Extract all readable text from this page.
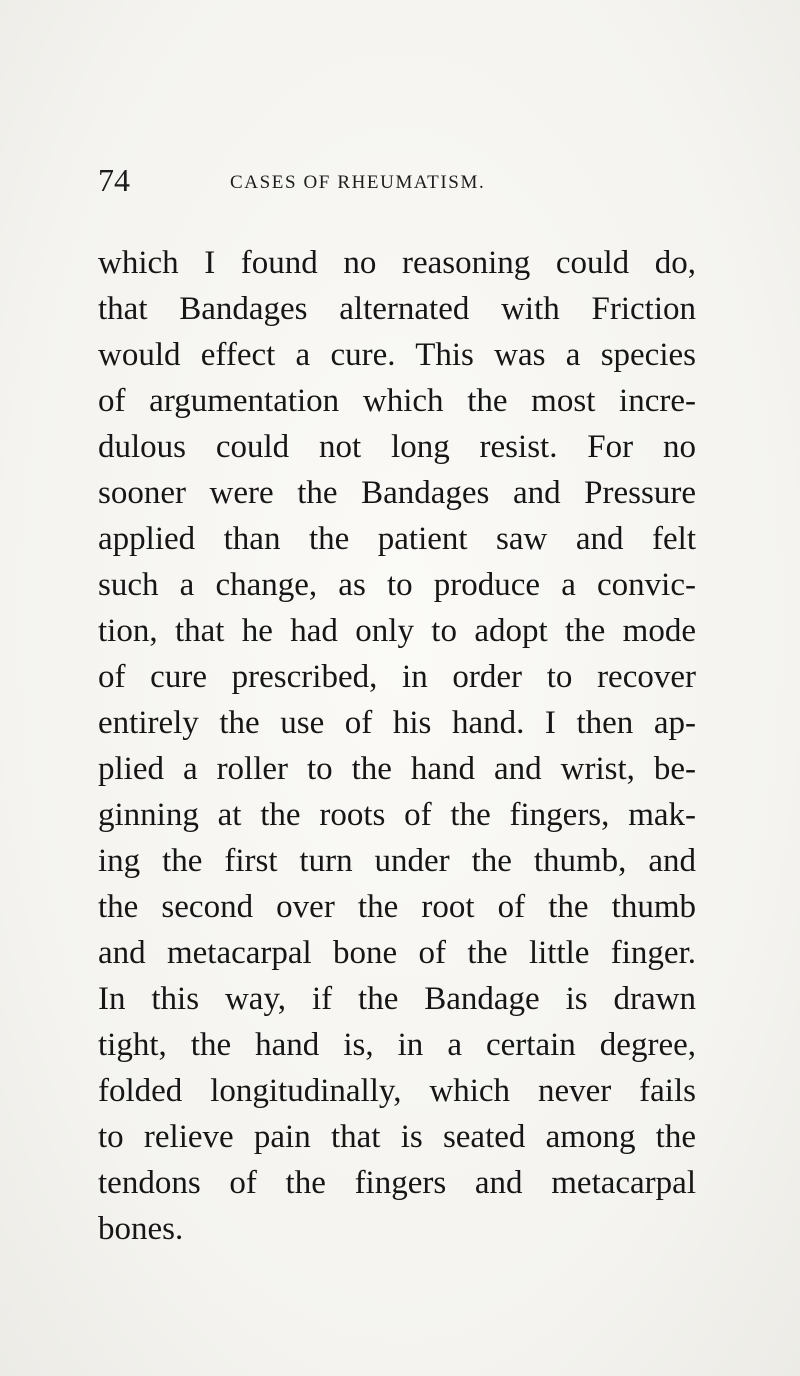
74	CASES OF RHEUMATISM.
which I found no reasoning could do,
that Bandages alternated with Friction
would effect a cure. This was a species
of argumentation which the most incre-
dulous could not long resist. For no
sooner were the Bandages and Pressure
applied than the patient saw and felt
such a change, as to produce a convic-
tion, that he had only to adopt the mode
of cure prescribed, in order to recover
entirely the use of his hand. I then ap-
plied a roller to the hand and wrist, be-
ginning at the roots of the fingers, mak-
ing the first turn under the thumb, and
the second over the root of the thumb
and metacarpal bone of the little finger.
In this way, if the Bandage is drawn
tight, the hand is, in a certain degree,
folded longitudinally, which never fails
to relieve pain that is seated among the
tendons of the fingers and metacarpal
bones.
